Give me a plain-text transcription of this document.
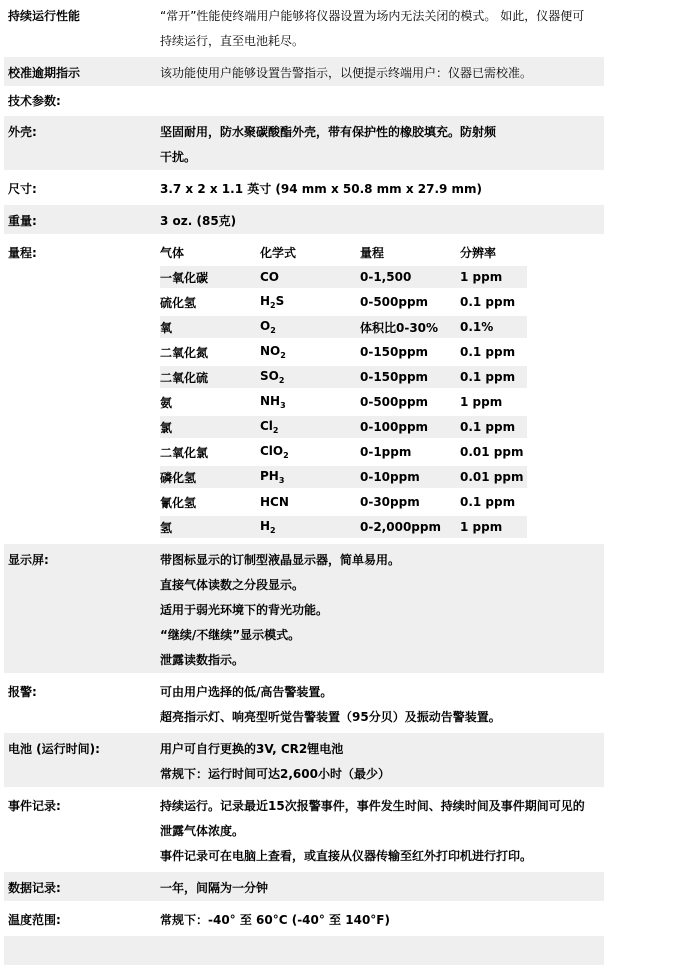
持续运行性能	“常开”性能使终端用户能够将仪器设置为场内无法关闭的模式。 如此，仪器便可
持续运行，直至电池耗尽。
校准逾期指示	该功能使用户能够设置告警指示，以便提示终端用户：仪器已需校准。
技术参数:
外壳:	坚固耐用，防水聚碳酸酯外壳，带有保护性的橡胶填充。防射频
干扰。
尺寸:	3.7 x 2 x 1.1 英寸 (94 mm x 50.8 mm x 27.9 mm)
重量:	3 oz. (85克)
量程:	气体	化学式	量程	分辨率
一氧化碳	CO	0-1,500	1 ppm
硫化氢	$H_2S$	0-500ppm	0.1 ppm
氧	$O_2$	体积比0-30%	0.1%
二氧化氮	$NO_2$	0-150ppm	0.1 ppm
二氧化硫	$SO_2$	0-150ppm	0.1 ppm
氨	$NH_3$	0-500ppm	1 ppm
氯	$Cl_2$	0-100ppm	0.1 ppm
二氧化氯	ClO$_2$	0-1ppm	0.01 ppm
磷化氢	$PH_3$	0-10ppm	0.01 ppm
氰化氢	HCN	0-30ppm	0.1 ppm
氢	$H_2$	0-2,000ppm	1 ppm
显示屏:	带图标显示的订制型液晶显示器，简单易用。
直接气体读数之分段显示。
适用于弱光环境下的背光功能。
“继续/不继续”显示模式。
泄露读数指示。
报警:	可由用户选择的低/高告警装置。
超亮指示灯、响亮型听觉告警装置（95分贝）及振动告警装置。
电池 (运行时间):	用户可自行更换的3V, CR2锂电池
常规下：运行时间可达2,600小时（最少）
事件记录:	持续运行。记录最近15次报警事件，事件发生时间、持续时间及事件期间可见的
泄露气体浓度。
事件记录可在电脑上查看，或直接从仪器传输至红外打印机进行打印。
数据记录:	一年，间隔为一分钟
温度范围:	常规下：-40° 至 60°C (-40° 至 140°F)
